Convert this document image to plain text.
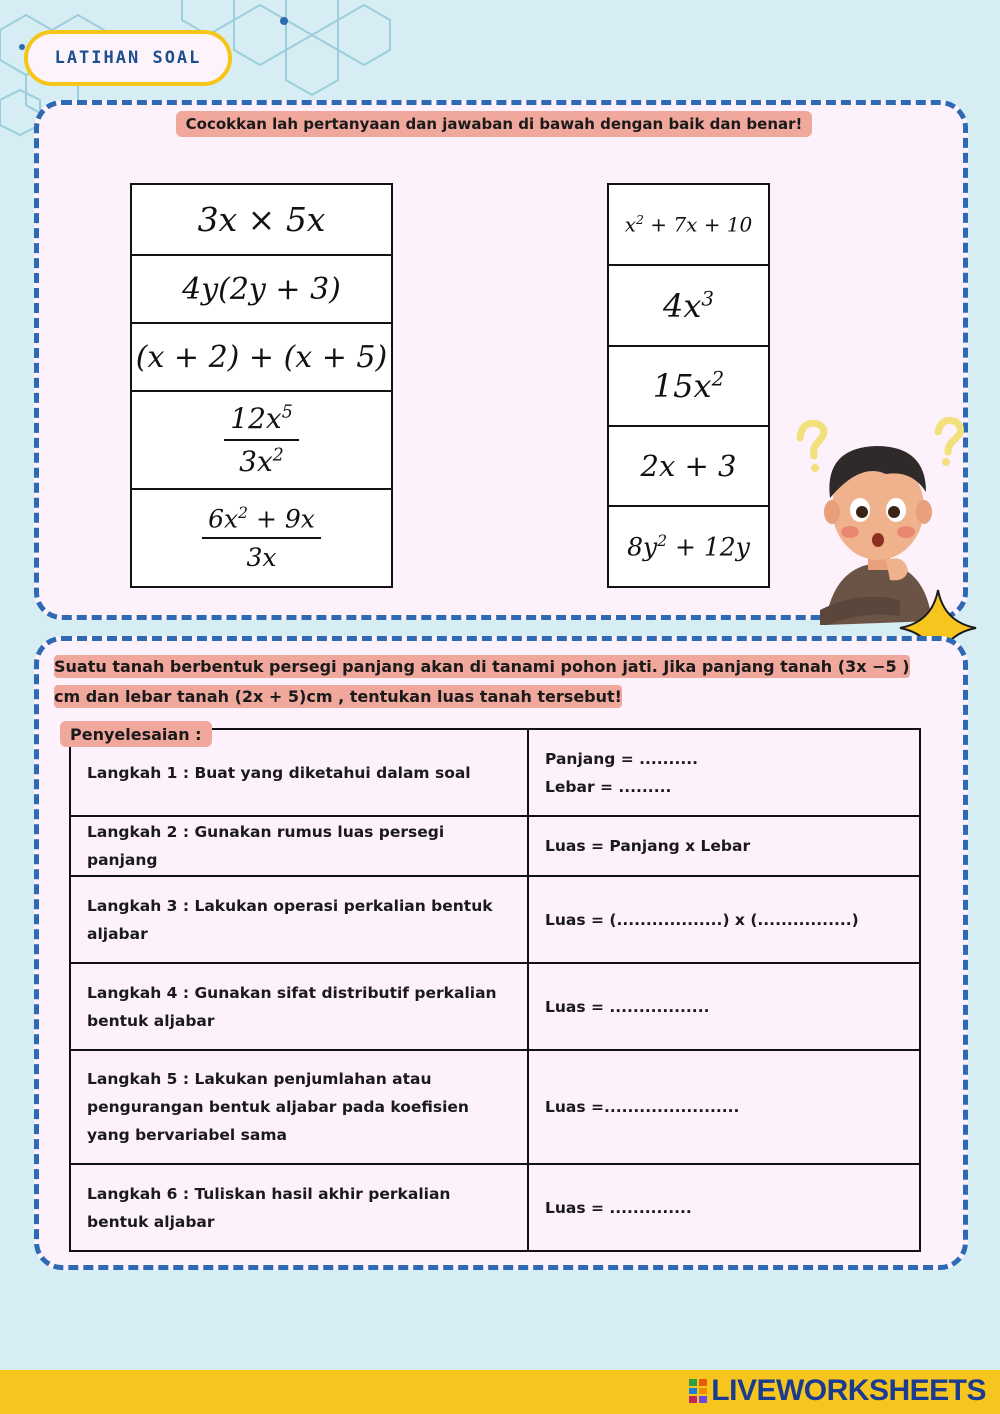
LATIHAN SOAL
Cocokkan lah pertanyaan dan jawaban di bawah dengan baik dan benar!
3x × 5x
4y(2y + 3)
(x + 2) + (x + 5)

$\frac{12x^5}{3x^2}$

$\frac{6x^2 + 9x}{3x}$
$x^2 + 7x + 10$
$4x^3$
$15x^2$
2x + 3
$8y^2 + 12y$
Suatu tanah berbentuk persegi panjang akan di tanami pohon jati. Jika panjang tanah (3x −5 )
cm dan lebar tanah (2x + 5)cm , tentukan luas tanah tersebut!
Langkah 1 : Buat yang diketahui dalam soal	Panjang = ..........
Lebar = .........
Langkah 2 : Gunakan rumus luas persegi panjang	Luas = Panjang x Lebar
Langkah 3 : Lakukan operasi perkalian bentuk aljabar	Luas = (..................) x (................)
Langkah 4 : Gunakan sifat distributif perkalian bentuk aljabar	Luas = .................
Langkah 5 : Lakukan penjumlahan atau pengurangan bentuk aljabar pada koefisien yang bervariabel sama	Luas =.......................
Langkah 6 : Tuliskan hasil akhir perkalian bentuk aljabar	Luas = ..............
Penyelesaian :
LIVEWORKSHEETS
